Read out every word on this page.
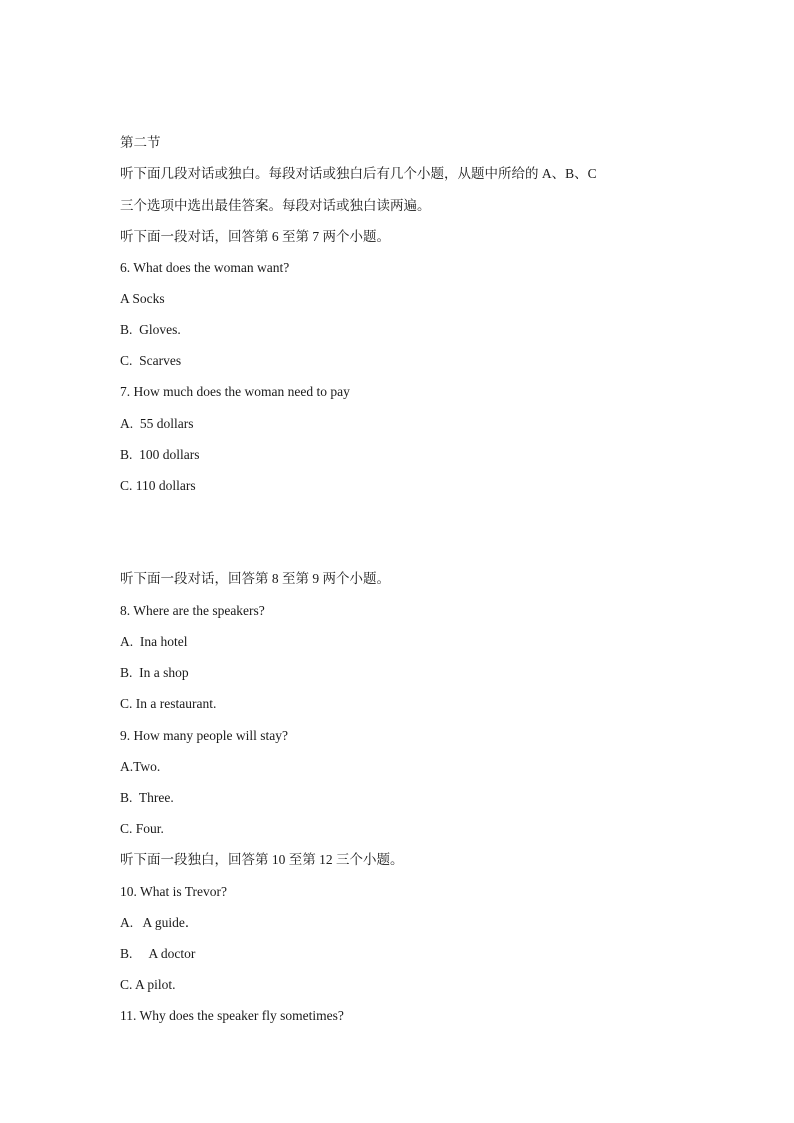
第二节
听下面几段对话或独白。每段对话或独白后有几个小题，从题中所给的 A、B、C
三个选项中选出最佳答案。每段对话或独白读两遍。
听下面一段对话，回答第 6 至第 7 两个小题。
6. What does the woman want?
A Socks
B.  Gloves.
C.  Scarves
7. How much does the woman need to pay
A.  55 dollars
B.  100 dollars
C. 110 dollars
听下面一段对话，回答第 8 至第 9 两个小题。
8. Where are the speakers?
A.  Ina hotel
B.  In a shop
C. In a restaurant.
9. How many people will stay?
A.Two.
B.  Three.
C. Four.
听下面一段独白，回答第 10 至第 12 三个小题。
10. What is Trevor?
A.   A guide．
B.     A doctor
C. A pilot.
11. Why does the speaker fly sometimes?
